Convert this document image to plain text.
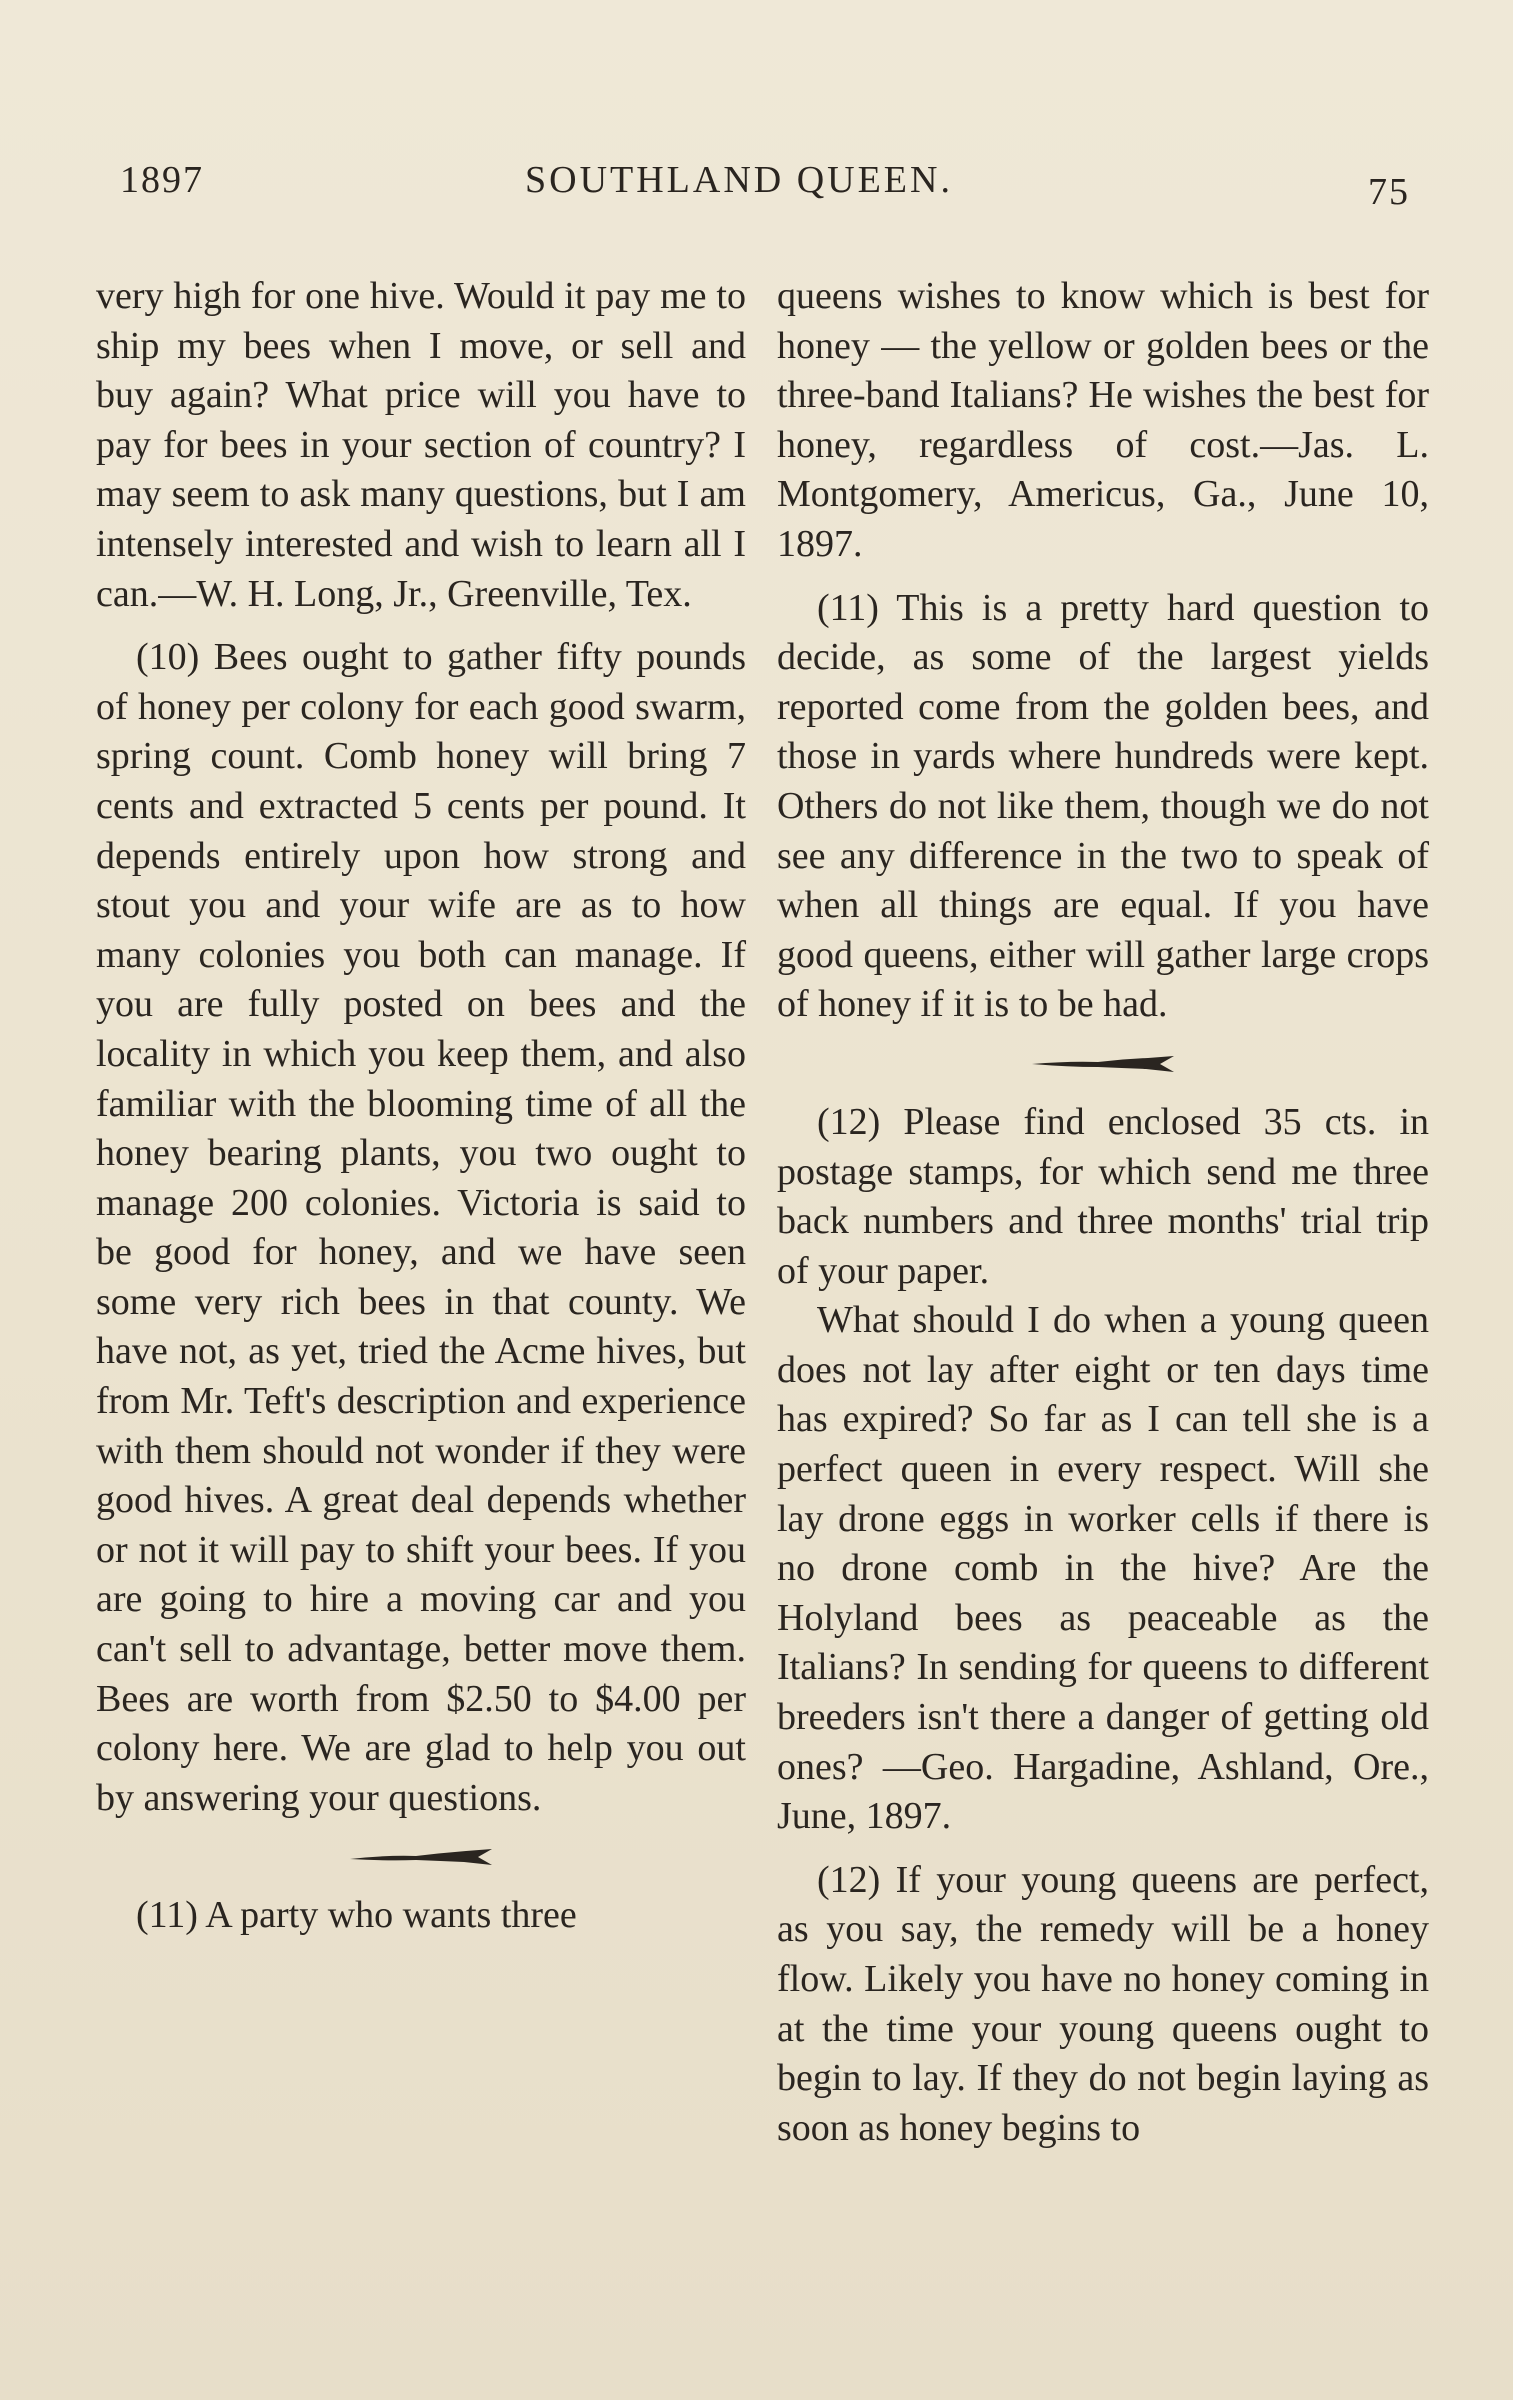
1897	SOUTHLAND QUEEN.	75

very high for one hive. Would it pay me to ship my bees when I move, or sell and buy again? What price will you have to pay for bees in your section of country? I may seem to ask many questions, but I am intensely interested and wish to learn all I can.—W. H. Long, Jr., Greenville, Tex.

(10) Bees ought to gather fifty pounds of honey per colony for each good swarm, spring count. Comb honey will bring 7 cents and extracted 5 cents per pound. It depends entirely upon how strong and stout you and your wife are as to how many colonies you both can manage. If you are fully posted on bees and the locality in which you keep them, and also familiar with the blooming time of all the honey bearing plants, you two ought to manage 200 colonies. Victoria is said to be good for honey, and we have seen some very rich bees in that county. We have not, as yet, tried the Acme hives, but from Mr. Teft's description and experience with them should not wonder if they were good hives. A great deal depends whether or not it will pay to shift your bees. If you are going to hire a moving car and you can't sell to advantage, better move them. Bees are worth from $2.50 to $4.00 per colony here. We are glad to help you out by answering your questions.

(11) A party who wants three

queens wishes to know which is best for honey — the yellow or golden bees or the three-band Italians? He wishes the best for honey, regardless of cost.—Jas. L. Montgomery, Americus, Ga., June 10, 1897.

(11) This is a pretty hard question to decide, as some of the largest yields reported come from the golden bees, and those in yards where hundreds were kept. Others do not like them, though we do not see any difference in the two to speak of when all things are equal. If you have good queens, either will gather large crops of honey if it is to be had.

(12) Please find enclosed 35 cts. in postage stamps, for which send me three back numbers and three months' trial trip of your paper.

What should I do when a young queen does not lay after eight or ten days time has expired? So far as I can tell she is a perfect queen in every respect. Will she lay drone eggs in worker cells if there is no drone comb in the hive? Are the Holyland bees as peaceable as the Italians? In sending for queens to different breeders isn't there a danger of getting old ones? —Geo. Hargadine, Ashland, Ore., June, 1897.

(12) If your young queens are perfect, as you say, the remedy will be a honey flow. Likely you have no honey coming in at the time your young queens ought to begin to lay. If they do not begin laying as soon as honey begins to
